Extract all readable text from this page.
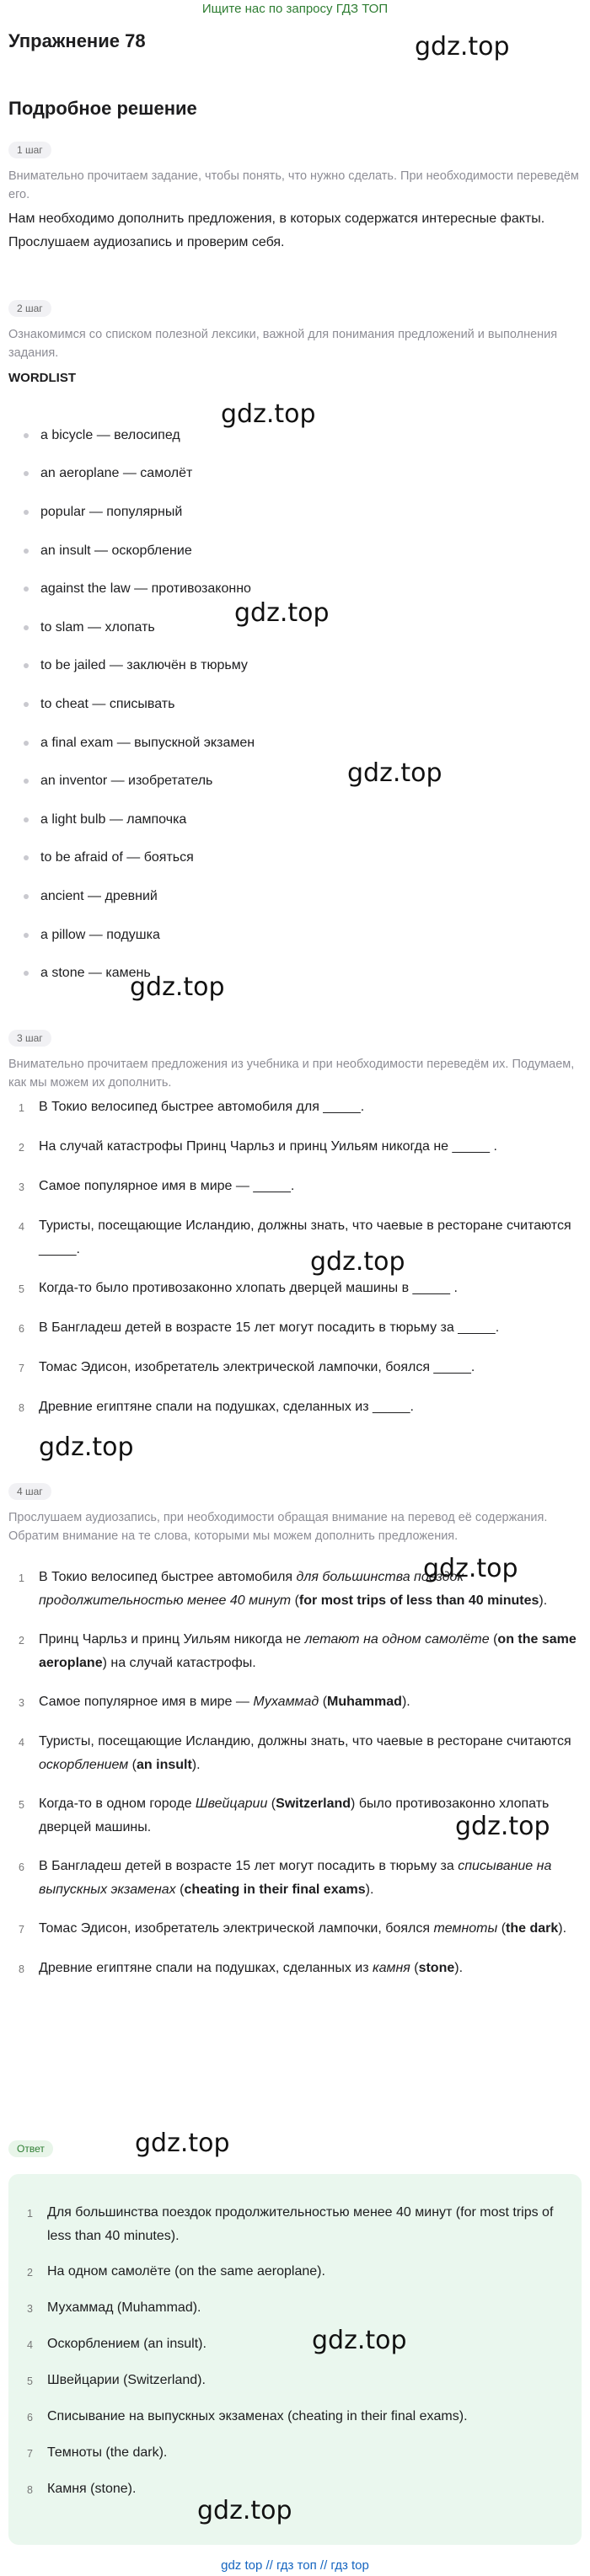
Ищите нас по запросу ГДЗ ТОП
Упражнение 78
Подробное решение
1 шаг
Внимательно прочитаем задание, чтобы понять, что нужно сделать. При необходимости переведём его.
Нам необходимо дополнить предложения, в которых содержатся интересные факты. Прослушаем аудиозапись и проверим себя.
2 шаг
Ознакомимся со списком полезной лексики, важной для понимания предложений и выполнения задания.
WORDLIST
a bicycle — велосипед
an aeroplane — самолёт
popular — популярный
an insult — оскорбление
against the law — противозаконно
to slam — хлопать
to be jailed — заключён в тюрьму
to cheat — списывать
a final exam — выпускной экзамен
an inventor — изобретатель
a light bulb — лампочка
to be afraid of — бояться
ancient — древний
a pillow — подушка
a stone — камень
3 шаг
Внимательно прочитаем предложения из учебника и при необходимости переведём их. Подумаем, как мы можем их дополнить.
1	В Токио велосипед быстрее автомобиля для _____.
2	На случай катастрофы Принц Чарльз и принц Уильям никогда не _____ .
3	Самое популярное имя в мире — _____.
4	Туристы, посещающие Исландию, должны знать, что чаевые в ресторане считаются _____.
5	Когда-то было противозаконно хлопать дверцей машины в _____ .
6	В Бангладеш детей в возрасте 15 лет могут посадить в тюрьму за _____.
7	Томас Эдисон, изобретатель электрической лампочки, боялся _____.
8	Древние египтяне спали на подушках, сделанных из _____.
4 шаг
Прослушаем аудиозапись, при необходимости обращая внимание на перевод её содержания. Обратим внимание на те слова, которыми мы можем дополнить предложения.
1	В Токио велосипед быстрее автомобиля для большинства поездок продолжительностью менее 40 минут (for most trips of less than 40 minutes).
2	Принц Чарльз и принц Уильям никогда не летают на одном самолёте (on the same aeroplane) на случай катастрофы.
3	Самое популярное имя в мире — Мухаммад (Muhammad).
4	Туристы, посещающие Исландию, должны знать, что чаевые в ресторане считаются оскорблением (an insult).
5	Когда-то в одном городе Швейцарии (Switzerland) было противозаконно хлопать дверцей машины.
6	В Бангладеш детей в возрасте 15 лет могут посадить в тюрьму за списывание на выпускных экзаменах (cheating in their final exams).
7	Томас Эдисон, изобретатель электрической лампочки, боялся темноты (the dark).
8	Древние египтяне спали на подушках, сделанных из камня (stone).
Ответ
1	Для большинства поездок продолжительностью менее 40 минут (for most trips of less than 40 minutes).
2	На одном самолёте (on the same aeroplane).
3	Мухаммад (Muhammad).
4	Оскорблением (an insult).
5	Швейцарии (Switzerland).
6	Списывание на выпускных экзаменах (cheating in their final exams).
7	Темноты (the dark).
8	Камня (stone).
gdz.top
gdz.top
gdz.top
gdz.top
gdz.top
gdz.top
gdz.top
gdz.top
gdz.top
gdz.top
gdz.top
gdz.top
gdz top // гдз топ // гдз top
